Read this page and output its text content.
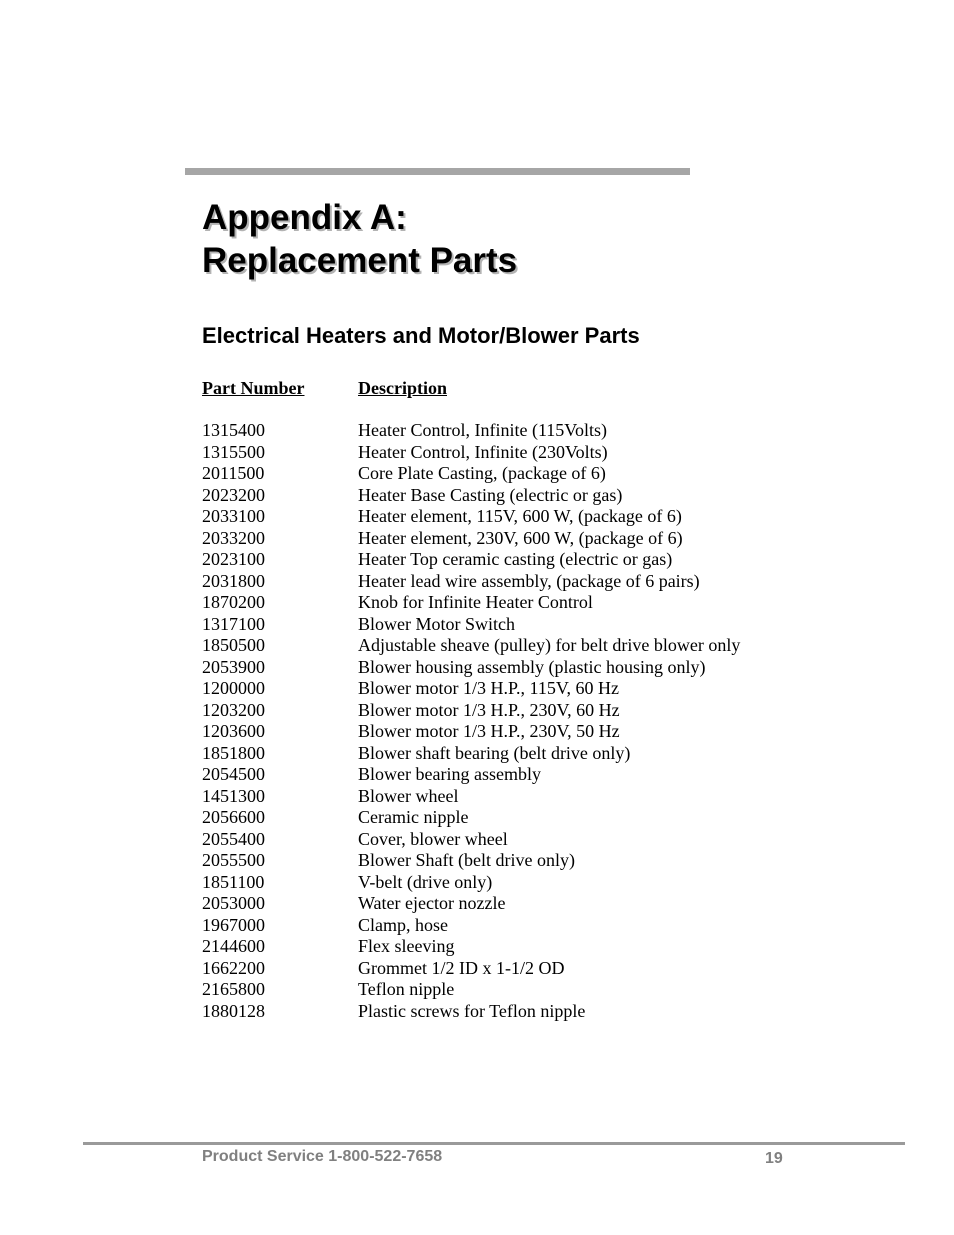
Appendix A:
Replacement Parts
Electrical Heaters and Motor/Blower Parts
Part Number	Description

1315400	Heater Control, Infinite (115Volts)
1315500	Heater Control, Infinite (230Volts)
2011500	Core Plate Casting, (package of 6)
2023200	Heater Base Casting (electric or gas)
2033100	Heater element, 115V, 600 W, (package of 6)
2033200	Heater element, 230V, 600 W, (package of 6)
2023100	Heater Top ceramic casting (electric or gas)
2031800	Heater lead wire assembly, (package of 6 pairs)
1870200	Knob for Infinite Heater Control
1317100	Blower Motor Switch
1850500	Adjustable sheave (pulley) for belt drive blower only
2053900	Blower housing assembly (plastic housing only)
1200000	Blower motor 1/3 H.P., 115V, 60 Hz
1203200	Blower motor 1/3 H.P., 230V, 60 Hz
1203600	Blower motor 1/3 H.P., 230V, 50 Hz
1851800	Blower shaft bearing (belt drive only)
2054500	Blower bearing assembly
1451300	Blower wheel
2056600	Ceramic nipple
2055400	Cover, blower wheel
2055500	Blower Shaft (belt drive only)
1851100	V-belt (drive only)
2053000	Water ejector nozzle
1967000	Clamp, hose
2144600	Flex sleeving
1662200	Grommet 1/2 ID x 1-1/2 OD
2165800	Teflon nipple
1880128	Plastic screws for Teflon nipple
Product Service 1-800-522-7658	19
